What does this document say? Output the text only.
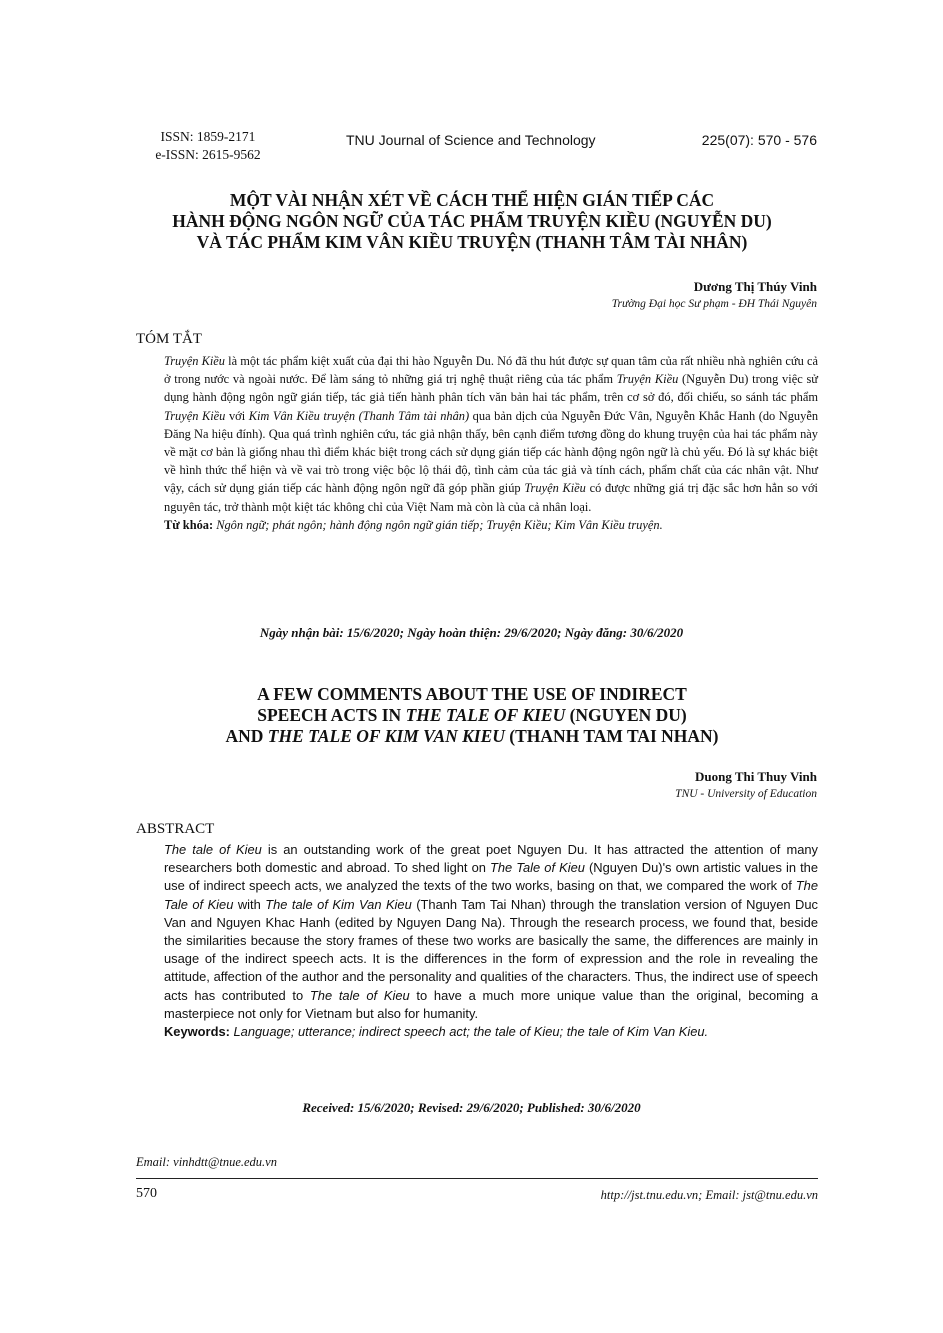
ISSN: 1859-2171
e-ISSN: 2615-9562
TNU Journal of Science and Technology	225(07): 570 - 576
MỘT VÀI NHẬN XÉT VỀ CÁCH THỂ HIỆN GIÁN TIẾP CÁC
HÀNH ĐỘNG NGÔN NGỮ CỦA TÁC PHẨM TRUYỆN KIỀU (NGUYỄN DU)
VÀ TÁC PHẨM KIM VÂN KIỀU TRUYỆN (THANH TÂM TÀI NHÂN)
Dương Thị Thúy Vinh
Trường Đại học Sư phạm - ĐH Thái Nguyên
TÓM TẮT
Truyện Kiều là một tác phẩm kiệt xuất của đại thi hào Nguyễn Du. Nó đã thu hút được sự quan tâm của rất nhiều nhà nghiên cứu cả ở trong nước và ngoài nước. Để làm sáng tỏ những giá trị nghệ thuật riêng của tác phẩm Truyện Kiều (Nguyễn Du) trong việc sử dụng hành động ngôn ngữ gián tiếp, tác giả tiến hành phân tích văn bản hai tác phẩm, trên cơ sở đó, đối chiếu, so sánh tác phẩm Truyện Kiều với Kim Vân Kiều truyện (Thanh Tâm tài nhân) qua bản dịch của Nguyễn Đức Vân, Nguyễn Khắc Hanh (do Nguyễn Đăng Na hiệu đính). Qua quá trình nghiên cứu, tác giả nhận thấy, bên cạnh điểm tương đồng do khung truyện của hai tác phẩm này về mặt cơ bản là giống nhau thì điểm khác biệt trong cách sử dụng gián tiếp các hành động ngôn ngữ là chủ yếu. Đó là sự khác biệt về hình thức thể hiện và về vai trò trong việc bộc lộ thái độ, tình cảm của tác giả và tính cách, phẩm chất của các nhân vật. Như vậy, cách sử dụng gián tiếp các hành động ngôn ngữ đã góp phần giúp Truyện Kiều có được những giá trị đặc sắc hơn hẳn so với nguyên tác, trở thành một kiệt tác không chỉ của Việt Nam mà còn là của cả nhân loại.
Từ khóa: Ngôn ngữ; phát ngôn; hành động ngôn ngữ gián tiếp; Truyện Kiều; Kim Vân Kiều truyện.
Ngày nhận bài: 15/6/2020; Ngày hoàn thiện: 29/6/2020; Ngày đăng: 30/6/2020
A FEW COMMENTS ABOUT THE USE OF INDIRECT
SPEECH ACTS IN THE TALE OF KIEU (NGUYEN DU)
AND THE TALE OF KIM VAN KIEU (THANH TAM TAI NHAN)
Duong Thi Thuy Vinh
TNU - University of Education
ABSTRACT
The tale of Kieu is an outstanding work of the great poet Nguyen Du. It has attracted the attention of many researchers both domestic and abroad. To shed light on The Tale of Kieu (Nguyen Du)'s own artistic values in the use of indirect speech acts, we analyzed the texts of the two works, basing on that, we compared the work of The Tale of Kieu with The tale of Kim Van Kieu (Thanh Tam Tai Nhan) through the translation version of Nguyen Duc Van and Nguyen Khac Hanh (edited by Nguyen Dang Na). Through the research process, we found that, beside the similarities because the story frames of these two works are basically the same, the differences are mainly in usage of the indirect speech acts. It is the differences in the form of expression and the role in revealing the attitude, affection of the author and the personality and qualities of the characters. Thus, the indirect use of speech acts has contributed to The tale of Kieu to have a much more unique value than the original, becoming a masterpiece not only for Vietnam but also for humanity.
Keywords: Language; utterance; indirect speech act; the tale of Kieu; the tale of Kim Van Kieu.
Received: 15/6/2020; Revised: 29/6/2020; Published: 30/6/2020
Email: vinhdtt@tnue.edu.vn
570	http://jst.tnu.edu.vn; Email: jst@tnu.edu.vn
